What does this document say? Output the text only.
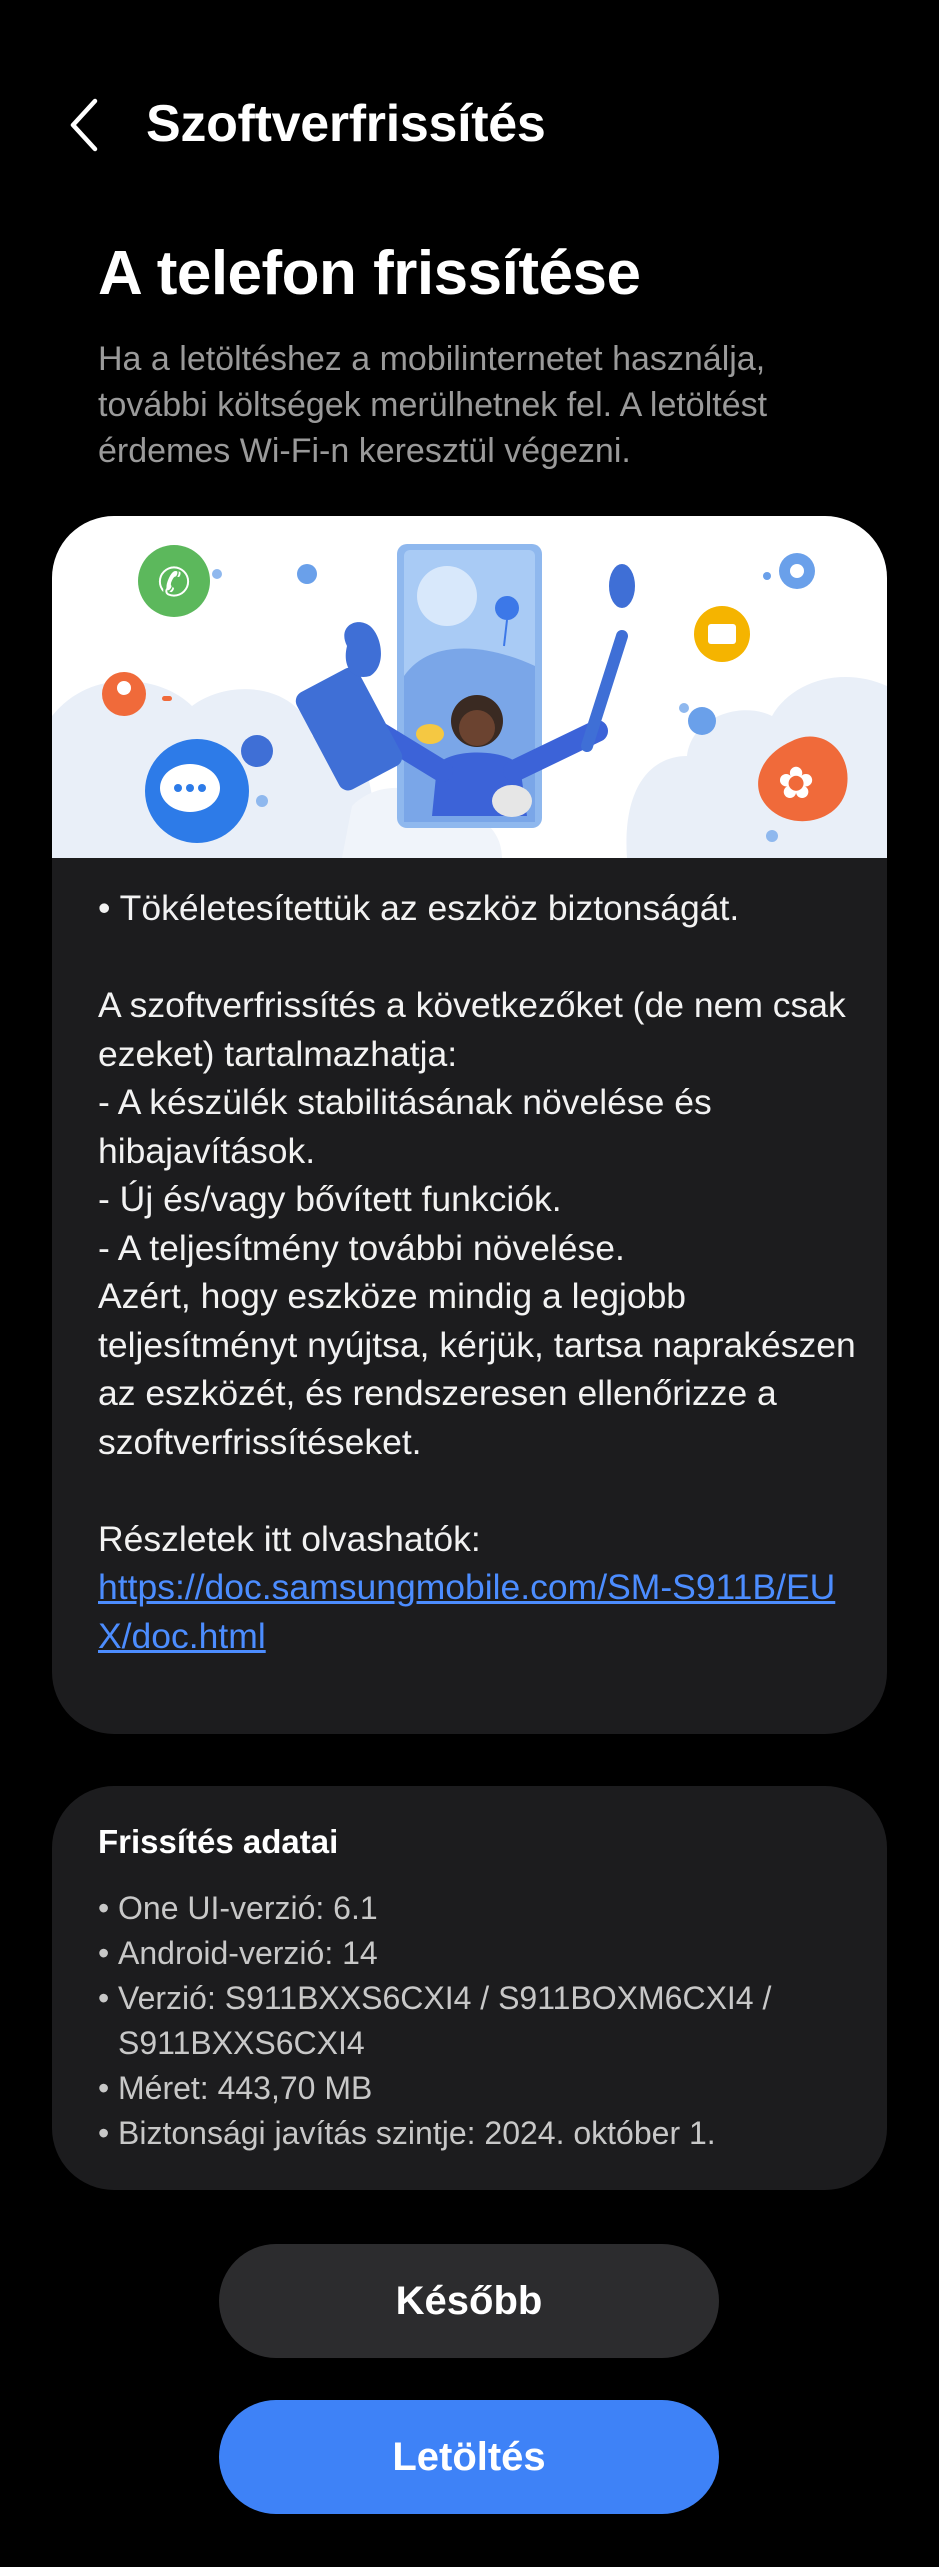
Szoftverfrissítés
A telefon frissítése
Ha a letöltéshez a mobilinternetet használja, további költségek merülhetnek fel. A letöltést érdemes Wi-Fi-n keresztül végezni.
✆
✿

• Tökéletesítettük az eszköz biztonságát.

A szoftverfrissítés a következőket (de nem csak ezeket) tartalmazhatja:

- A készülék stabilitásának növelése és hibajavítások.

- Új és/vagy bővített funkciók.

- A teljesítmény további növelése.

Azért, hogy eszköze mindig a legjobb teljesítményt nyújtsa, kérjük, tartsa naprakészen az eszközét, és rendszeresen ellenőrizze a szoftverfrissítéseket.

Részletek itt olvashatók:

https://doc.samsungmobile.com/SM-S911B/EUX/doc.html

Frissítés adatai
• One UI-verzió: 6.1
• Android-verzió: 14
• Verzió: S911BXXS6CXI4 / S911BOXM6CXI4 / S911BXXS6CXI4
• Méret: 443,70 MB
• Biztonsági javítás szintje: 2024. október 1.
Később
Letöltés
